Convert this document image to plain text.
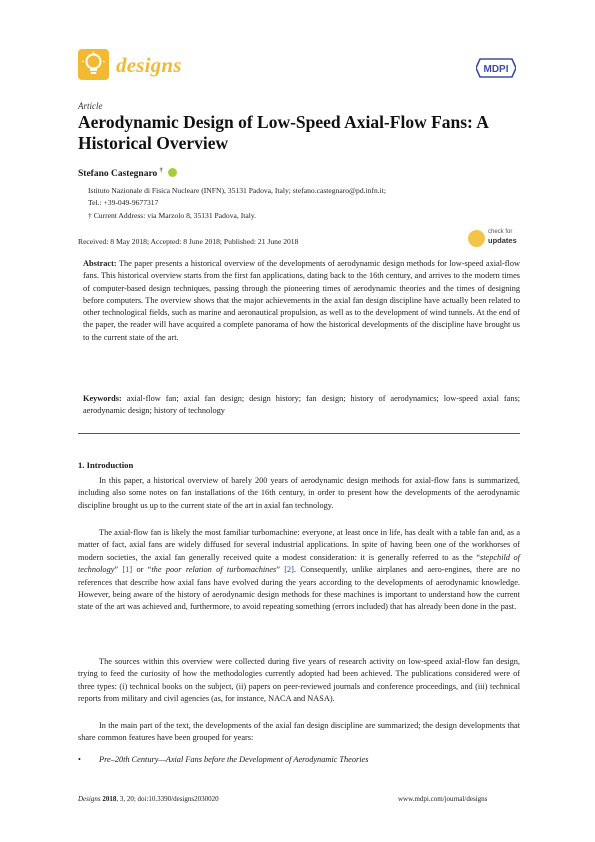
designs	MDPI
Article
Aerodynamic Design of Low-Speed Axial-Flow Fans: A Historical Overview
Stefano Castegnaro †
Istituto Nazionale di Fisica Nucleare (INFN), 35131 Padova, Italy; stefano.castegnaro@pd.infn.it;
Tel.: +39-049-9677317
† Current Address: via Marzolo 8, 35131 Padova, Italy.
Received: 8 May 2018; Accepted: 8 June 2018; Published: 21 June 2018
check for
updates
Abstract: The paper presents a historical overview of the developments of aerodynamic design methods for low-speed axial-flow fans. This historical overview starts from the first fan applications, dating back to the 16th century, and arrives to the modern times of computer-based design techniques, passing through the pioneering times of aerodynamic theories and the times of designing before computers. The overview shows that the major achievements in the axial fan design discipline have actually been related to other technological fields, such as marine and aeronautical propulsion, as well as to the development of wind tunnels. At the end of the paper, the reader will have acquired a complete panorama of how the historical developments of the discipline have brought us to the current state of the art.
Keywords: axial-flow fan; axial fan design; design history; fan design; history of aerodynamics; low-speed axial fans; aerodynamic design; history of technology
1. Introduction

In this paper, a historical overview of barely 200 years of aerodynamic design methods for axial-flow fans is summarized, including also some notes on fan installations of the 16th century, in order to present how the developments of the aerodynamic discipline brought us up to the current state of the art in axial fan technology.

The axial-flow fan is likely the most familiar turbomachine: everyone, at least once in life, has dealt with a table fan and, as a matter of fact, axial fans are widely diffused for several industrial applications. In spite of having been one of the workhorses of modern societies, the axial fan generally received quite a modest consideration: it is generally referred to as the “stepchild of technology” [1] or “the poor relation of turbomachines” [2]. Consequently, unlike airplanes and aero-engines, there are no references that describe how axial fans have evolved during the years according to the developments of aerodynamic knowledge. However, being aware of the history of aerodynamic design methods for these machines is important to understand how the current state of the art was achieved and, furthermore, to avoid repeating something (errors included) that has already been done in the past.

The sources within this overview were collected during five years of research activity on low-speed axial-flow fan design, trying to feed the curiosity of how the methodologies currently adopted had been achieved. The publications considered were of three types: (i) technical books on the subject, (ii) papers on peer-reviewed journals and conference proceedings, and (iii) technical reports from military and civil agencies (as, for instance, NACA and NASA).

In the main part of the text, the developments of the axial fan design discipline are summarized; the design developments that share common features have been grouped for years:

• Pre–20th Century—Axial Fans before the Development of Aerodynamic Theories
Designs 2018, 3, 20; doi:10.3390/designs2030020	www.mdpi.com/journal/designs
